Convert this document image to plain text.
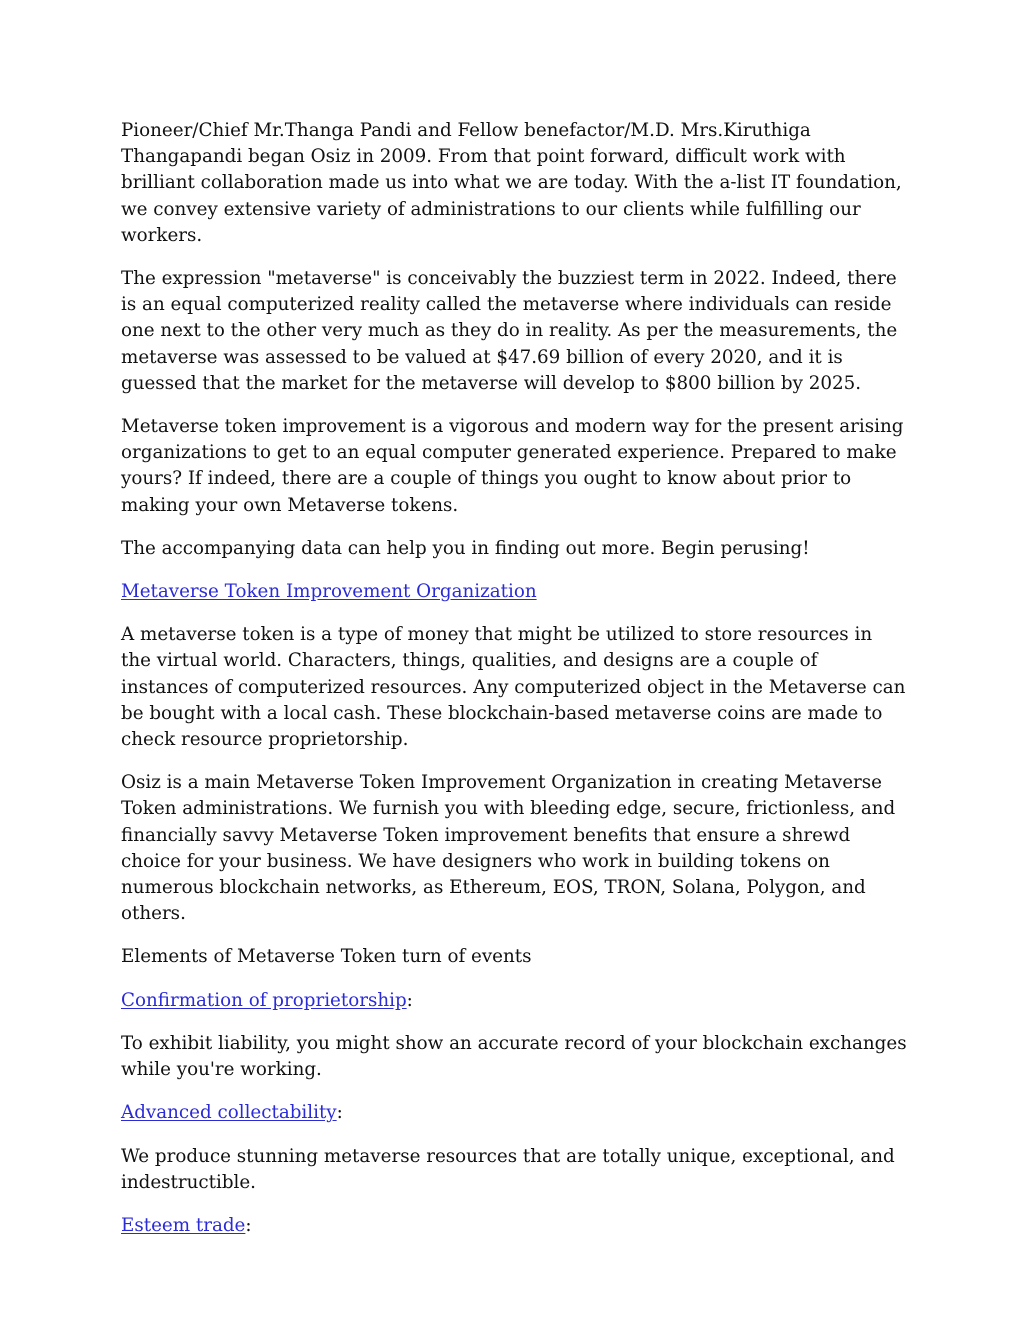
Pioneer/Chief Mr.Thanga Pandi and Fellow benefactor/M.D. Mrs.Kiruthiga Thangapandi began Osiz in 2009. From that point forward, difficult work with brilliant collaboration made us into what we are today. With the a-list IT foundation, we convey extensive variety of administrations to our clients while fulfilling our workers.

The expression "metaverse" is conceivably the buzziest term in 2022. Indeed, there is an equal computerized reality called the metaverse where individuals can reside one next to the other very much as they do in reality. As per the measurements, the metaverse was assessed to be valued at $47.69 billion of every 2020, and it is guessed that the market for the metaverse will develop to $800 billion by 2025.

Metaverse token improvement is a vigorous and modern way for the present arising organizations to get to an equal computer generated experience. Prepared to make yours? If indeed, there are a couple of things you ought to know about prior to making your own Metaverse tokens.

The accompanying data can help you in finding out more. Begin perusing!

Metaverse Token Improvement Organization

A metaverse token is a type of money that might be utilized to store resources in the virtual world. Characters, things, qualities, and designs are a couple of instances of computerized resources. Any computerized object in the Metaverse can be bought with a local cash. These blockchain-based metaverse coins are made to check resource proprietorship.

Osiz is a main Metaverse Token Improvement Organization in creating Metaverse Token administrations. We furnish you with bleeding edge, secure, frictionless, and financially savvy Metaverse Token improvement benefits that ensure a shrewd choice for your business. We have designers who work in building tokens on numerous blockchain networks, as Ethereum, EOS, TRON, Solana, Polygon, and others.

Elements of Metaverse Token turn of events

Confirmation of proprietorship:

To exhibit liability, you might show an accurate record of your blockchain exchanges while you're working.

Advanced collectability:

We produce stunning metaverse resources that are totally unique, exceptional, and indestructible.

Esteem trade:
